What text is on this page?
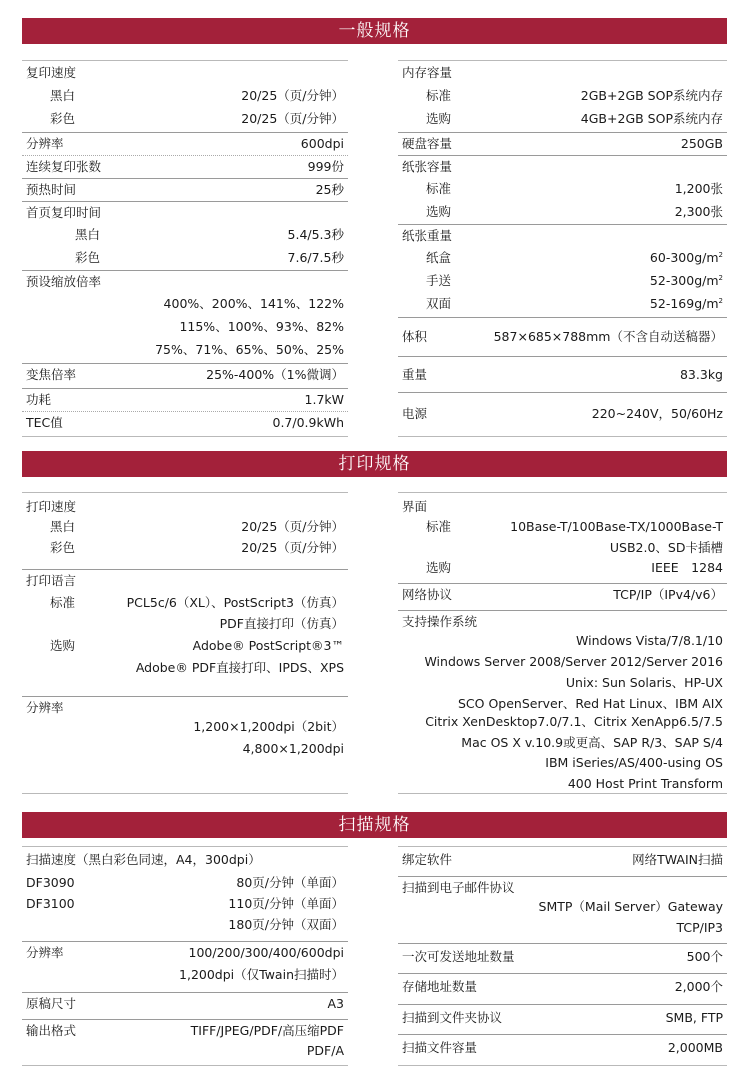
一般规格
复印速度
黑白	20/25（页/分钟）
彩色	20/25（页/分钟）
分辨率	600dpi
连续复印张数	999份
预热时间	25秒
首页复印时间
黑白	5.4/5.3秒
彩色	7.6/7.5秒
预设缩放倍率
400%、200%、141%、122%
115%、100%、93%、82%
75%、71%、65%、50%、25%
变焦倍率	25%-400%（1%微调）
功耗	1.7kW
TEC值	0.7/0.9kWh
内存容量
标准	2GB+2GB SOP系统内存
选购	4GB+2GB SOP系统内存
硬盘容量	250GB
纸张容量
标准	1,200张
选购	2,300张
纸张重量
纸盒	$60-300g/m^2$
手送	$52-300g/m^2$
双面	$52-169g/m^2$
体积	587×685×788mm（不含自动送稿器）
重量	83.3kg
电源	220~240V，50/60Hz
打印规格
打印速度
黑白	20/25（页/分钟）
彩色	20/25（页/分钟）
打印语言
标准	PCL5c/6（XL）、PostScript3（仿真）
PDF直接打印（仿真）
选购	Adobe® PostScript®3™
Adobe® PDF直接打印、IPDS、XPS
分辨率
1,200×1,200dpi（2bit）
4,800×1,200dpi
界面
标准	10Base-T/100Base-TX/1000Base-T
USB2.0、SD卡插槽
选购	IEEE　1284
网络协议	TCP/IP（IPv4/v6）
支持操作系统
Windows Vista/7/8.1/10
Windows Server 2008/Server 2012/Server 2016
Unix: Sun Solaris、HP-UX
SCO OpenServer、Red Hat Linux、IBM AIX
Citrix XenDesktop7.0/7.1、Citrix XenApp6.5/7.5
Mac OS X v.10.9或更高、SAP R/3、SAP S/4
IBM iSeries/AS/400-using OS
400 Host Print Transform
扫描规格
扫描速度（黑白彩色同速，A4，300dpi）
DF3090	80页/分钟（单面）
DF3100	110页/分钟（单面）
180页/分钟（双面）
分辨率	100/200/300/400/600dpi
1,200dpi（仅Twain扫描时）
原稿尺寸	A3
输出格式	TIFF/JPEG/PDF/高压缩PDF
PDF/A
绑定软件	网络TWAIN扫描
扫描到电子邮件协议
SMTP（Mail Server）Gateway
TCP/IP3
一次可发送地址数量	500个
存储地址数量	2,000个
扫描到文件夹协议	SMB, FTP
扫描文件容量	2,000MB
